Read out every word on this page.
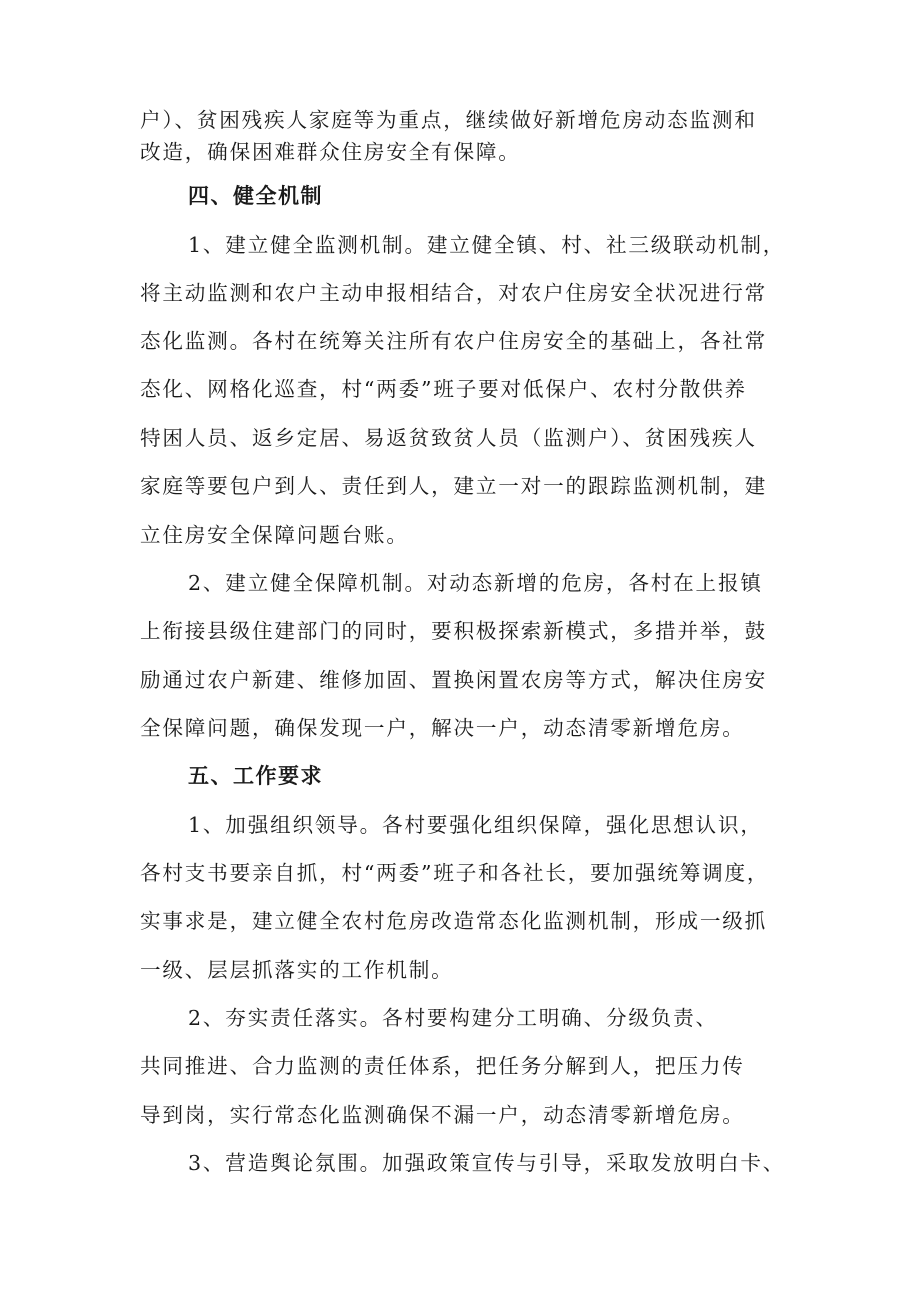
户）、贫困残疾人家庭等为重点，继续做好新增危房动态监测和
改造，确保困难群众住房安全有保障。
四、健全机制
1、建立健全监测机制。建立健全镇、村、社三级联动机制，
将主动监测和农户主动申报相结合，对农户住房安全状况进行常
态化监测。各村在统筹关注所有农户住房安全的基础上，各社常
态化、网格化巡查，村“两委”班子要对低保户、农村分散供养
特困人员、返乡定居、易返贫致贫人员（监测户）、贫困残疾人
家庭等要包户到人、责任到人，建立一对一的跟踪监测机制，建
立住房安全保障问题台账。
2、建立健全保障机制。对动态新增的危房，各村在上报镇
上衔接县级住建部门的同时，要积极探索新模式，多措并举，鼓
励通过农户新建、维修加固、置换闲置农房等方式，解决住房安
全保障问题，确保发现一户，解决一户，动态清零新增危房。
五、工作要求
1、加强组织领导。各村要强化组织保障，强化思想认识，
各村支书要亲自抓，村“两委”班子和各社长，要加强统筹调度，
实事求是，建立健全农村危房改造常态化监测机制，形成一级抓
一级、层层抓落实的工作机制。
2、夯实责任落实。各村要构建分工明确、分级负责、
共同推进、合力监测的责任体系，把任务分解到人，把压力传
导到岗，实行常态化监测确保不漏一户，动态清零新增危房。
3、营造舆论氛围。加强政策宣传与引导，采取发放明白卡、
